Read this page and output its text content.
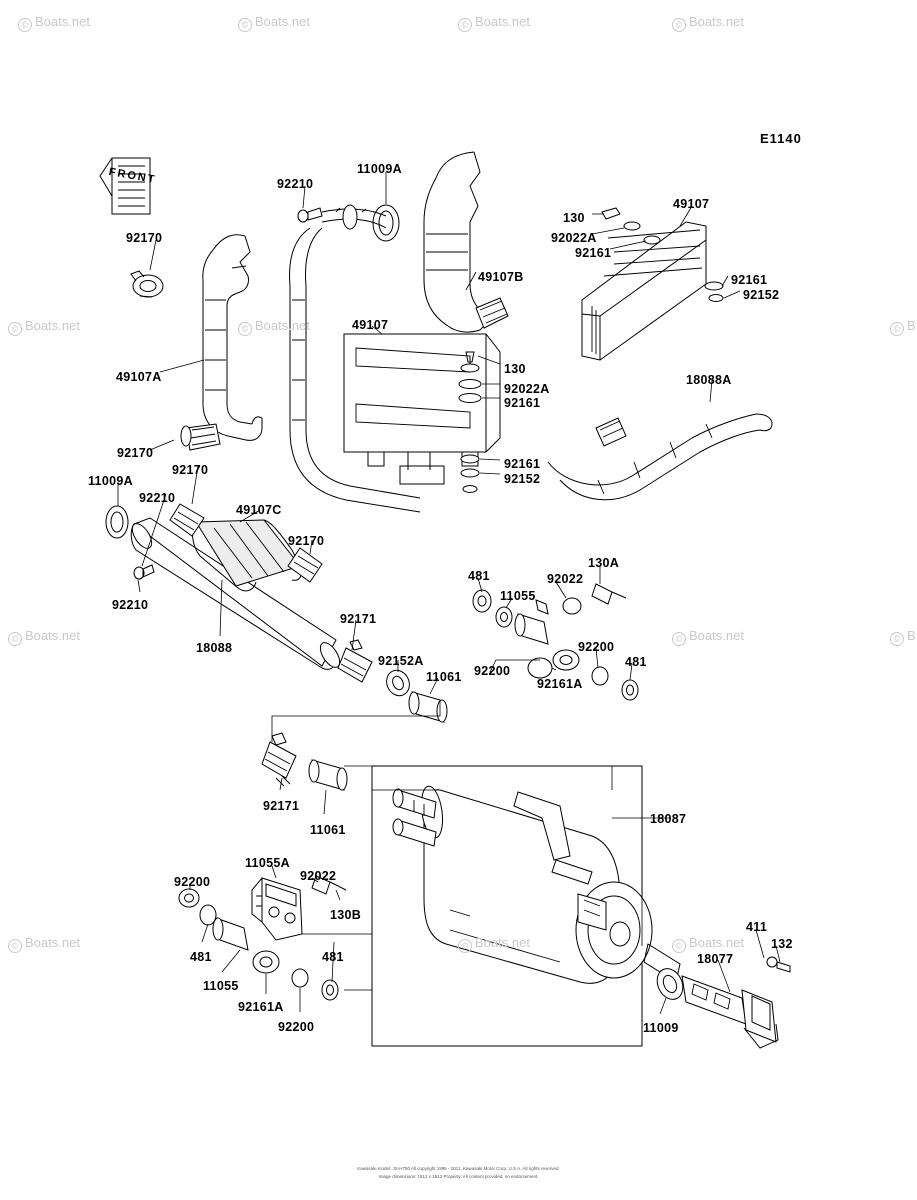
© Boats.net	© Boats.net	© Boats.net	© Boats.net
© Boats.net	© Boats.net	© B
© Boats.net	© Boats.net	© B
© Boats.net	© Boats.net	© Boats.net
FRONT
E1140
92170
92210
11009A
49107B
49107
49107A
130
92022A
92161
92161
92152
130
92022A
92161
49107
92161
92152
18088A
92170
92170
11009A
92210
49107C
92170
92210
18088
92171
92152A
11061
481
11055
92022
130A
92200
481
92200
92161A
92171
11061
18087
92022
11055A
130B
92200
481
481
11055
92161A
92200
411
132
18077
11009
Kawasaki model: JS-H750 All copyright 1995 - 2011, Kawasaki Motor Corp, U.S.A. All rights reserved.
Image dimensions: 1512 x 1512 Property: All content provided, no endorsement.
